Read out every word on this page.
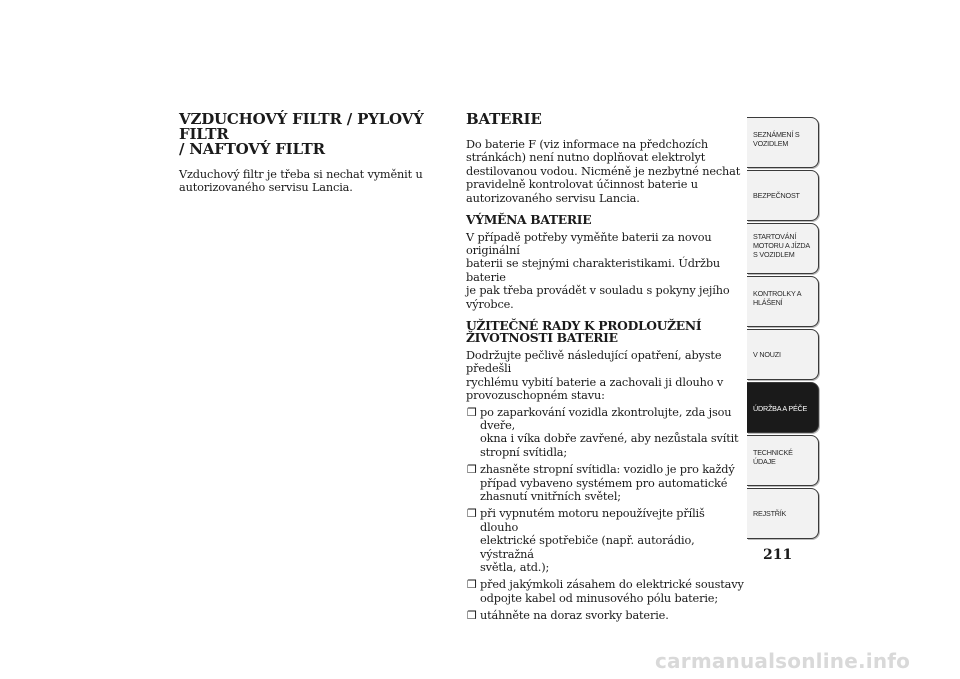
VZDUCHOVÝ FILTR / PYLOVÝ FILTR
/ NAFTOVÝ FILTR

Vzduchový filtr je třeba si nechat vyměnit u
autorizovaného servisu Lancia.

BATERIE

Do baterie F (viz informace na předchozích
stránkách) není nutno doplňovat elektrolyt
destilovanou vodou. Nicméně je nezbytné nechat
pravidelně kontrolovat účinnost baterie u
autorizovaného servisu Lancia.

VÝMĚNA BATERIE

V případě potřeby vyměňte baterii za novou originální
baterii se stejnými charakteristikami. Údržbu baterie
je pak třeba provádět v souladu s pokyny jejího
výrobce.

UŽITEČNÉ RADY K PRODLOUŽENÍ
ŽIVOTNOSTI BATERIE

Dodržujte pečlivě následující opatření, abyste předešli
rychlému vybití baterie a zachovali ji dlouho v
provozuschopném stavu:

❒ po zaparkování vozidla zkontrolujte, zda jsou dveře,
okna i víka dobře zavřené, aby nezůstala svítit
stropní svítidla;
❒ zhasněte stropní svítidla: vozidlo je pro každý
případ vybaveno systémem pro automatické
zhasnutí vnitřních světel;
❒ při vypnutém motoru nepoužívejte příliš dlouho
elektrické spotřebiče (např. autorádio, výstražná
světla, atd.);
❒ před jakýmkoli zásahem do elektrické soustavy
odpojte kabel od minusového pólu baterie;
❒ utáhněte na doraz svorky baterie.
SEZNÁMENÍ S
VOZIDLEM
BEZPEČNOST
STARTOVÁNÍ
MOTORU A JÍZDA
S VOZIDLEM
KONTROLKY A
HLÁŠENÍ
V NOUZI
ÚDRŽBA A PÉČE
TECHNICKÉ
ÚDAJE
REJSTŘÍK
211
carmanualsonline.info
